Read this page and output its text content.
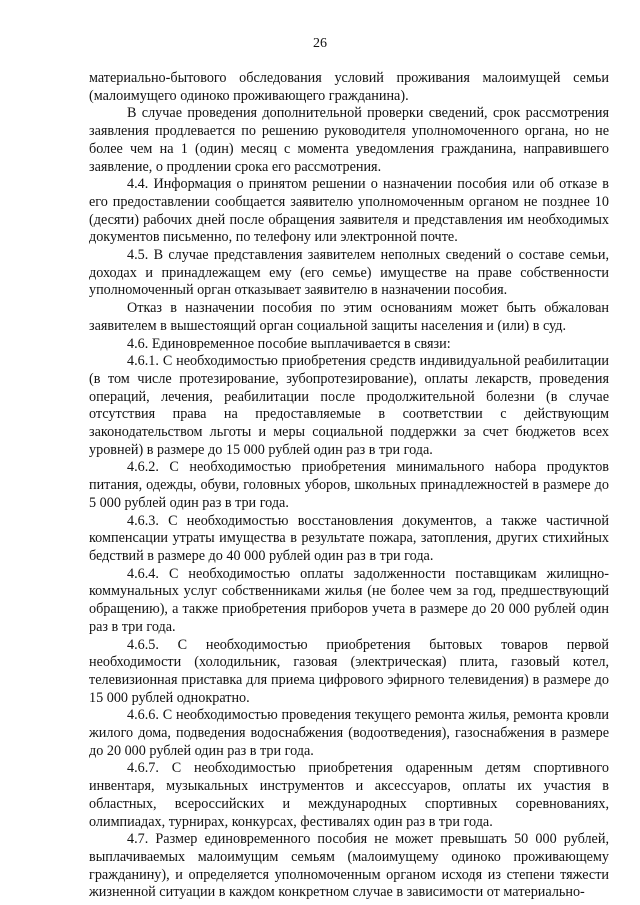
26

материально-бытового обследования условий проживания малоимущей семьи (малоимущего одиноко проживающего гражданина).

В случае проведения дополнительной проверки сведений, срок рассмотрения заявления продлевается по решению руководителя уполномоченного органа, но не более чем на 1 (один) месяц с момента уведомления гражданина, направившего заявление, о продлении срока его рассмотрения.

4.4. Информация о принятом решении о назначении пособия или об отказе в его предоставлении сообщается заявителю уполномоченным органом не позднее 10 (десяти) рабочих дней после обращения заявителя и представления им необходимых документов письменно, по телефону или электронной почте.

4.5. В случае представления заявителем неполных сведений о составе семьи, доходах и принадлежащем ему (его семье) имуществе на праве собственности уполномоченный орган отказывает заявителю в назначении пособия.

Отказ в назначении пособия по этим основаниям может быть обжалован заявителем в вышестоящий орган социальной защиты населения и (или) в суд.

4.6. Единовременное пособие выплачивается в связи:

4.6.1. С необходимостью приобретения средств индивидуальной реабилитации (в том числе протезирование, зубопротезирование), оплаты лекарств, проведения операций, лечения, реабилитации после продолжительной болезни (в случае отсутствия права на предоставляемые в соответствии с действующим законодательством льготы и меры социальной поддержки за счет бюджетов всех уровней) в размере до 15 000 рублей один раз в три года.

4.6.2. С необходимостью приобретения минимального набора продуктов питания, одежды, обуви, головных уборов, школьных принадлежностей в размере до 5 000 рублей один раз в три года.

4.6.3. С необходимостью восстановления документов, а также частичной компенсации утраты имущества в результате пожара, затопления, других стихийных бедствий в размере до 40 000 рублей один раз в три года.

4.6.4. С необходимостью оплаты задолженности поставщикам жилищно-коммунальных услуг собственниками жилья (не более чем за год, предшествующий обращению), а также приобретения приборов учета в размере до 20 000 рублей один раз в три года.

4.6.5. С необходимостью приобретения бытовых товаров первой необходимости (холодильник, газовая (электрическая) плита, газовый котел, телевизионная приставка для приема цифрового эфирного телевидения) в размере до 15 000 рублей однократно.

4.6.6. С необходимостью проведения текущего ремонта жилья, ремонта кровли жилого дома, подведения водоснабжения (водоотведения), газоснабжения в размере до 20 000 рублей один раз в три года.

4.6.7. С необходимостью приобретения одаренным детям спортивного инвентаря, музыкальных инструментов и аксессуаров, оплаты их участия в областных, всероссийских и международных спортивных соревнованиях, олимпиадах, турнирах, конкурсах, фестивалях один раз в три года.

4.7. Размер единовременного пособия не может превышать 50 000 рублей, выплачиваемых малоимущим семьям (малоимущему одиноко проживающему гражданину), и определяется уполномоченным органом исходя из степени тяжести жизненной ситуации в каждом конкретном случае в зависимости от материально-
